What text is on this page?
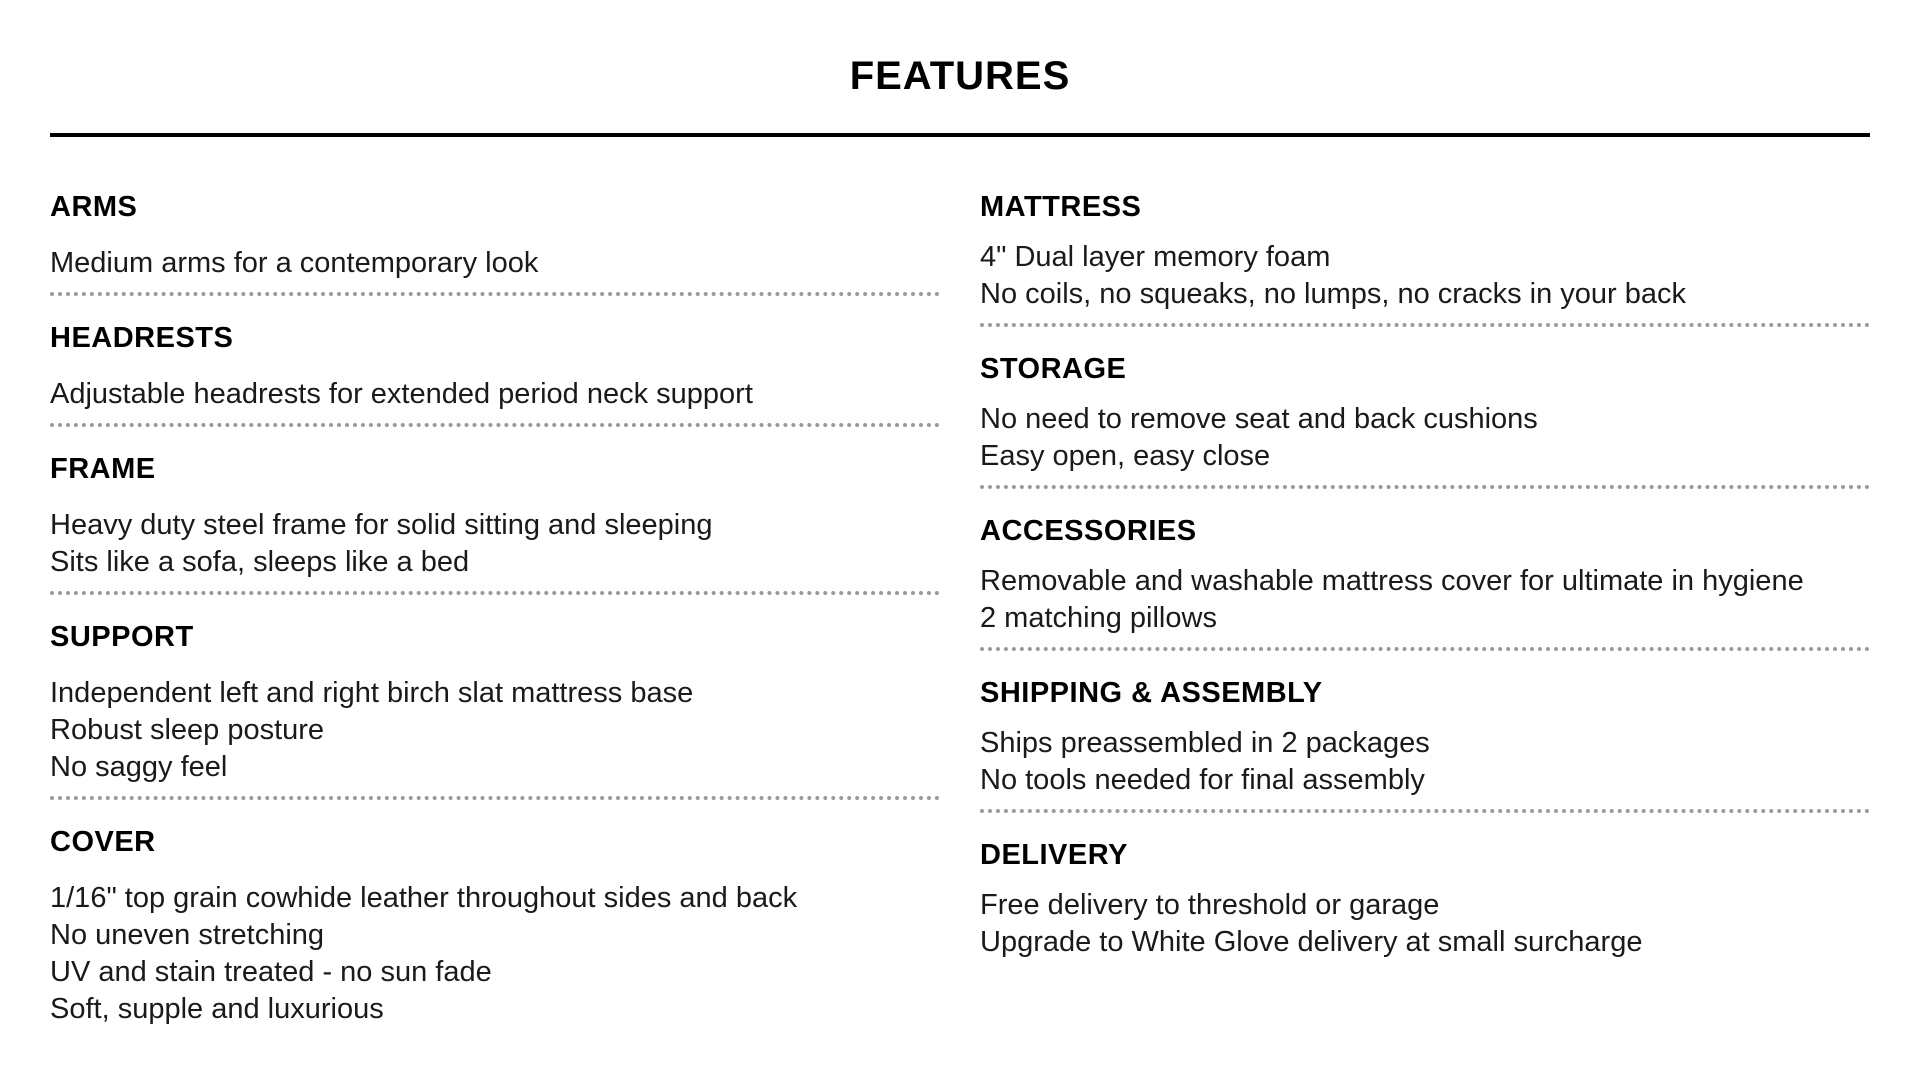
FEATURES
ARMS
Medium arms for a contemporary look
HEADRESTS
Adjustable headrests for extended period neck support
FRAME
Heavy duty steel frame for solid sitting and sleeping
Sits like a sofa, sleeps like a bed
SUPPORT
Independent left and right birch slat mattress base
Robust sleep posture
No saggy feel
COVER
1/16" top grain cowhide leather throughout sides and back
No uneven stretching
UV and stain treated - no sun fade
Soft, supple and luxurious
MATTRESS
4" Dual layer memory foam
No coils, no squeaks, no lumps, no cracks in your back
STORAGE
No need to remove seat and back cushions
Easy open, easy close
ACCESSORIES
Removable and washable mattress cover for ultimate in hygiene
2 matching pillows
SHIPPING & ASSEMBLY
Ships preassembled in 2 packages
No tools needed for final assembly
DELIVERY
Free delivery to threshold or garage
Upgrade to White Glove delivery at small surcharge
